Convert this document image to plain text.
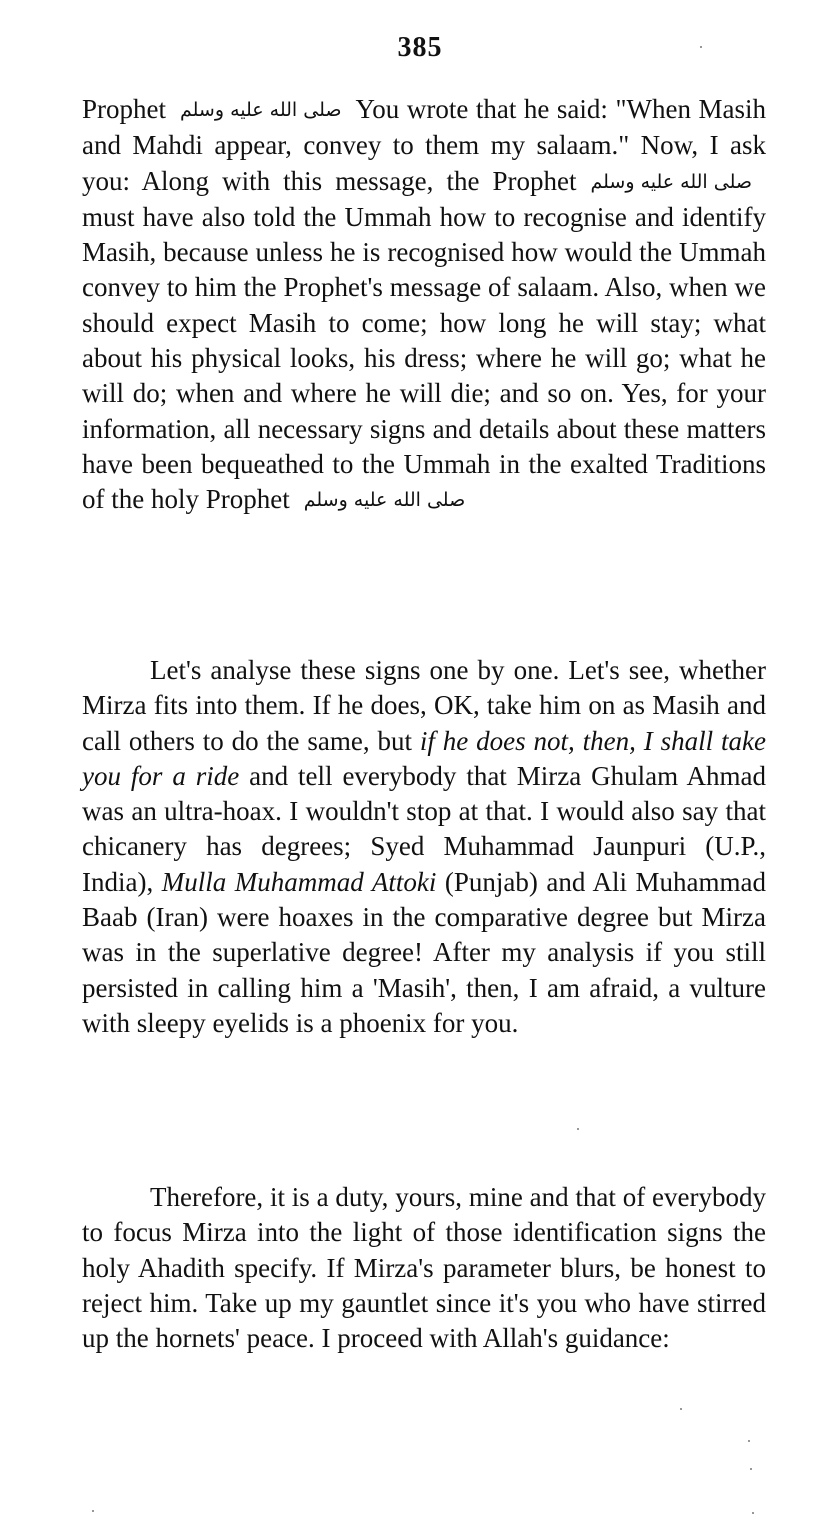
385
Prophet صلى الله عليه وسلم You wrote that he said: "When Masih and Mahdi appear, convey to them my salaam." Now, I ask you: Along with this message, the Prophet صلى الله عليه وسلمmust have also told the Ummah how to recognise and identify Masih, because unless he is recognised how would the Ummah convey to him the Prophet's message of salaam. Also, when we should expect Masih to come; how long he will stay; what about his physical looks, his dress; where he will go; what he will do; when and where he will die; and so on. Yes, for your information, all necessary signs and details about these matters have been bequeathed to the Ummah in the exalted Traditions of the holy Prophet صلى الله عليه وسلم
Let's analyse these signs one by one. Let's see, whether Mirza fits into them. If he does, OK, take him on as Masih and call others to do the same, but if he does not, then, I shall take you for a ride and tell everybody that Mirza Ghulam Ahmad was an ultra-hoax. I wouldn't stop at that. I would also say that chicanery has degrees; Syed Muhammad Jaunpuri (U.P., India), Mulla Muhammad Attoki (Punjab) and Ali Muhammad Baab (Iran) were hoaxes in the comparative degree but Mirza was in the superlative degree! After my analysis if you still persisted in calling him a 'Masih', then, I am afraid, a vulture with sleepy eyelids is a phoenix for you.
Therefore, it is a duty, yours, mine and that of everybody to focus Mirza into the light of those identification signs the holy Ahadith specify. If Mirza's parameter blurs, be honest to reject him. Take up my gauntlet since it's you who have stirred up the hornets' peace. I proceed with Allah's guidance:
